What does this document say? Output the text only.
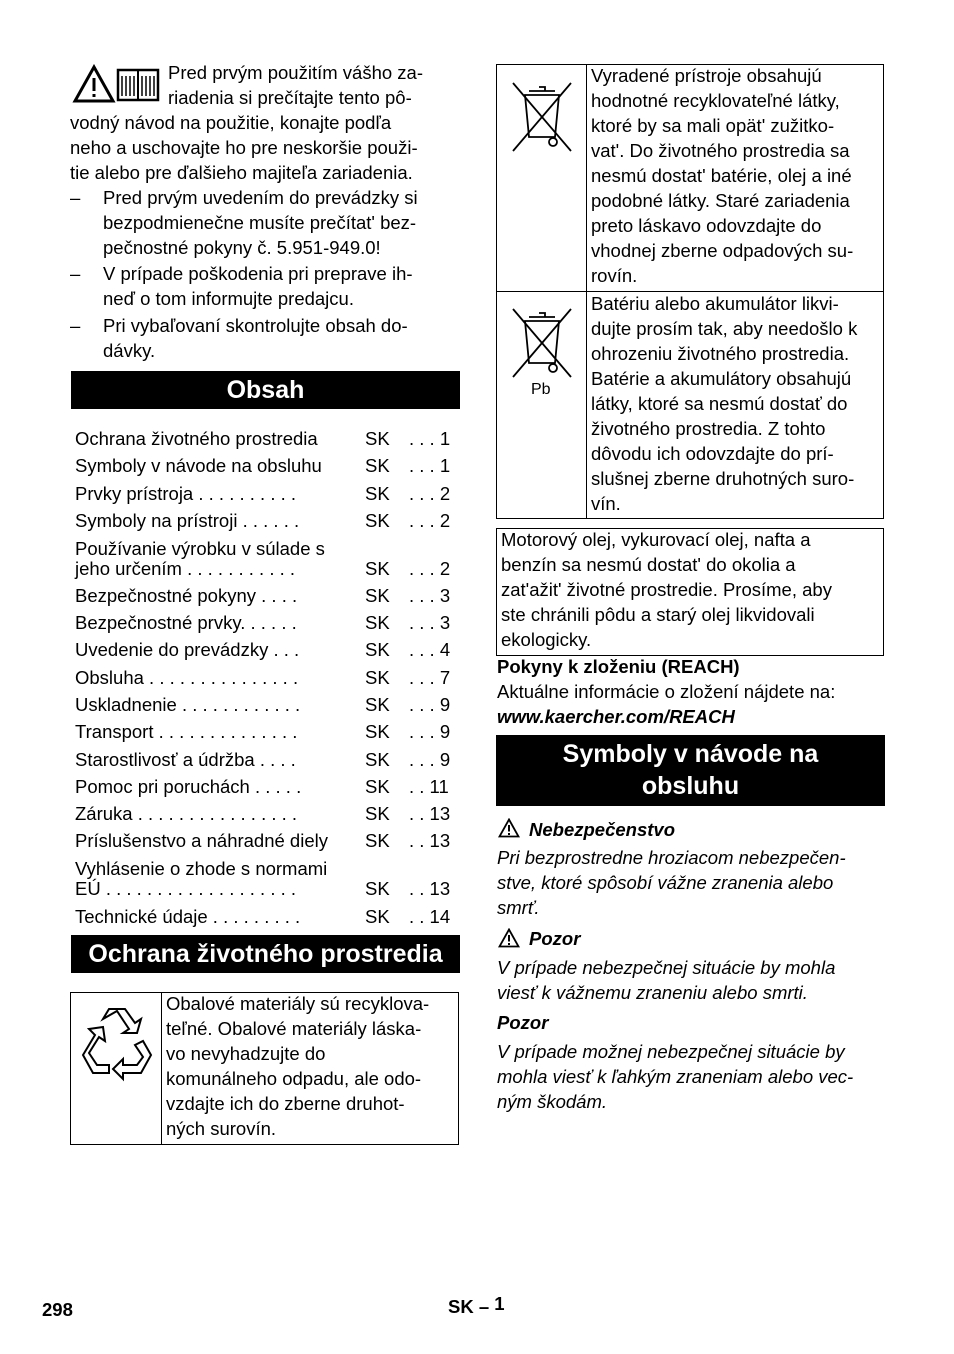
Pred prvým použitím vášho za-

riadenia si prečítajte tento pô-

vodný návod na použitie, konajte podľa

neho a uschovajte ho pre neskoršie použi-

tie alebo pre ďalšieho majiteľa zariadenia.

– Pred prvým uvedením do prevádzky si

bezpodmienečne musíte prečítat' bez-

pečnostné pokyny č. 5.951-949.0!

– V prípade poškodenia pri preprave ih-

neď o tom informujte predajcu.

– Pri vybaľovaní skontrolujte obsah do-

dávky.

Obsah
Ochrana životného prostredia	SK . . . 1
Symboly v návode na obsluhu SK . . . 1
Prvky prístroja . . . . . . . . . .	SK . . . 2
Symboly na prístroji . . . . . .	SK . . . 2
Používanie výrobku v súlade s
jeho určením . . . . . . . . . . .	SK . . . 2
Bezpečnostné pokyny . . . .	SK . . . 3
Bezpečnostné prvky. . . . . .	SK . . . 3
Uvedenie do prevádzky . . .	SK . . . 4
Obsluha . . . . . . . . . . . . . . .	SK . . . 7
Uskladnenie . . . . . . . . . . . .	SK . . . 9
Transport . . . . . . . . . . . . . .	SK . . . 9
Starostlivosť a údržba . . . .	SK . . . 9
Pomoc pri poruchách . . . . .	SK . . 11
Záruka . . . . . . . . . . . . . . . .	SK . . 13
Príslušenstvo a náhradné diely SK . . 13
Vyhlásenie o zhode s normami
EÚ . . . . . . . . . . . . . . . . . . .	SK . . 13
Technické údaje . . . . . . . . .	SK . . 14
Ochrana životného prostredia

Obalové materiály sú recyklova-

teľné. Obalové materiály láska-

vo nevyhadzujte do

komunálneho odpadu, ale odo-

vzdajte ich do zberne druhot-

ných surovín.

Vyradené prístroje obsahujú

hodnotné recyklovateľné látky,

ktoré by sa mali opät' zužitko-

vat'. Do životného prostredia sa

nesmú dostat' batérie, olej a iné

podobné látky. Staré zariadenia

preto láskavo odovzdajte do

vhodnej zberne odpadových su-

rovín.

Pb

Batériu alebo akumulátor likvi-

dujte prosím tak, aby needošlo k

ohrozeniu životného prostredia.

Batérie a akumulátory obsahujú

látky, ktoré sa nesmú dostať do

životného prostredia. Z tohto

dôvodu ich odovzdajte do prí-

slušnej zberne druhotných suro-

vín.

Motorový olej, vykurovací olej, nafta a

benzín sa nesmú dostat' do okolia a

zat'ažit' životné prostredie. Prosíme, aby

ste chránili pôdu a starý olej likvidovali

ekologicky.

Pokyny k zloženiu (REACH)

Aktuálne informácie o zložení nájdete na:

www.kaercher.com/REACH

Symboly v návode na
obsluhu

Nebezpečenstvo

Pri bezprostredne hroziacom nebezpečen-

stve, ktoré spôsobí vážne zranenia alebo

smrť.

Pozor

V prípade nebezpečnej situácie by mohla

viesť k vážnemu zraneniu alebo smrti.

Pozor

V prípade možnej nebezpečnej situácie by

mohla viesť k ľahkým zraneniam alebo vec-

ným škodám.

298	SK – 1
